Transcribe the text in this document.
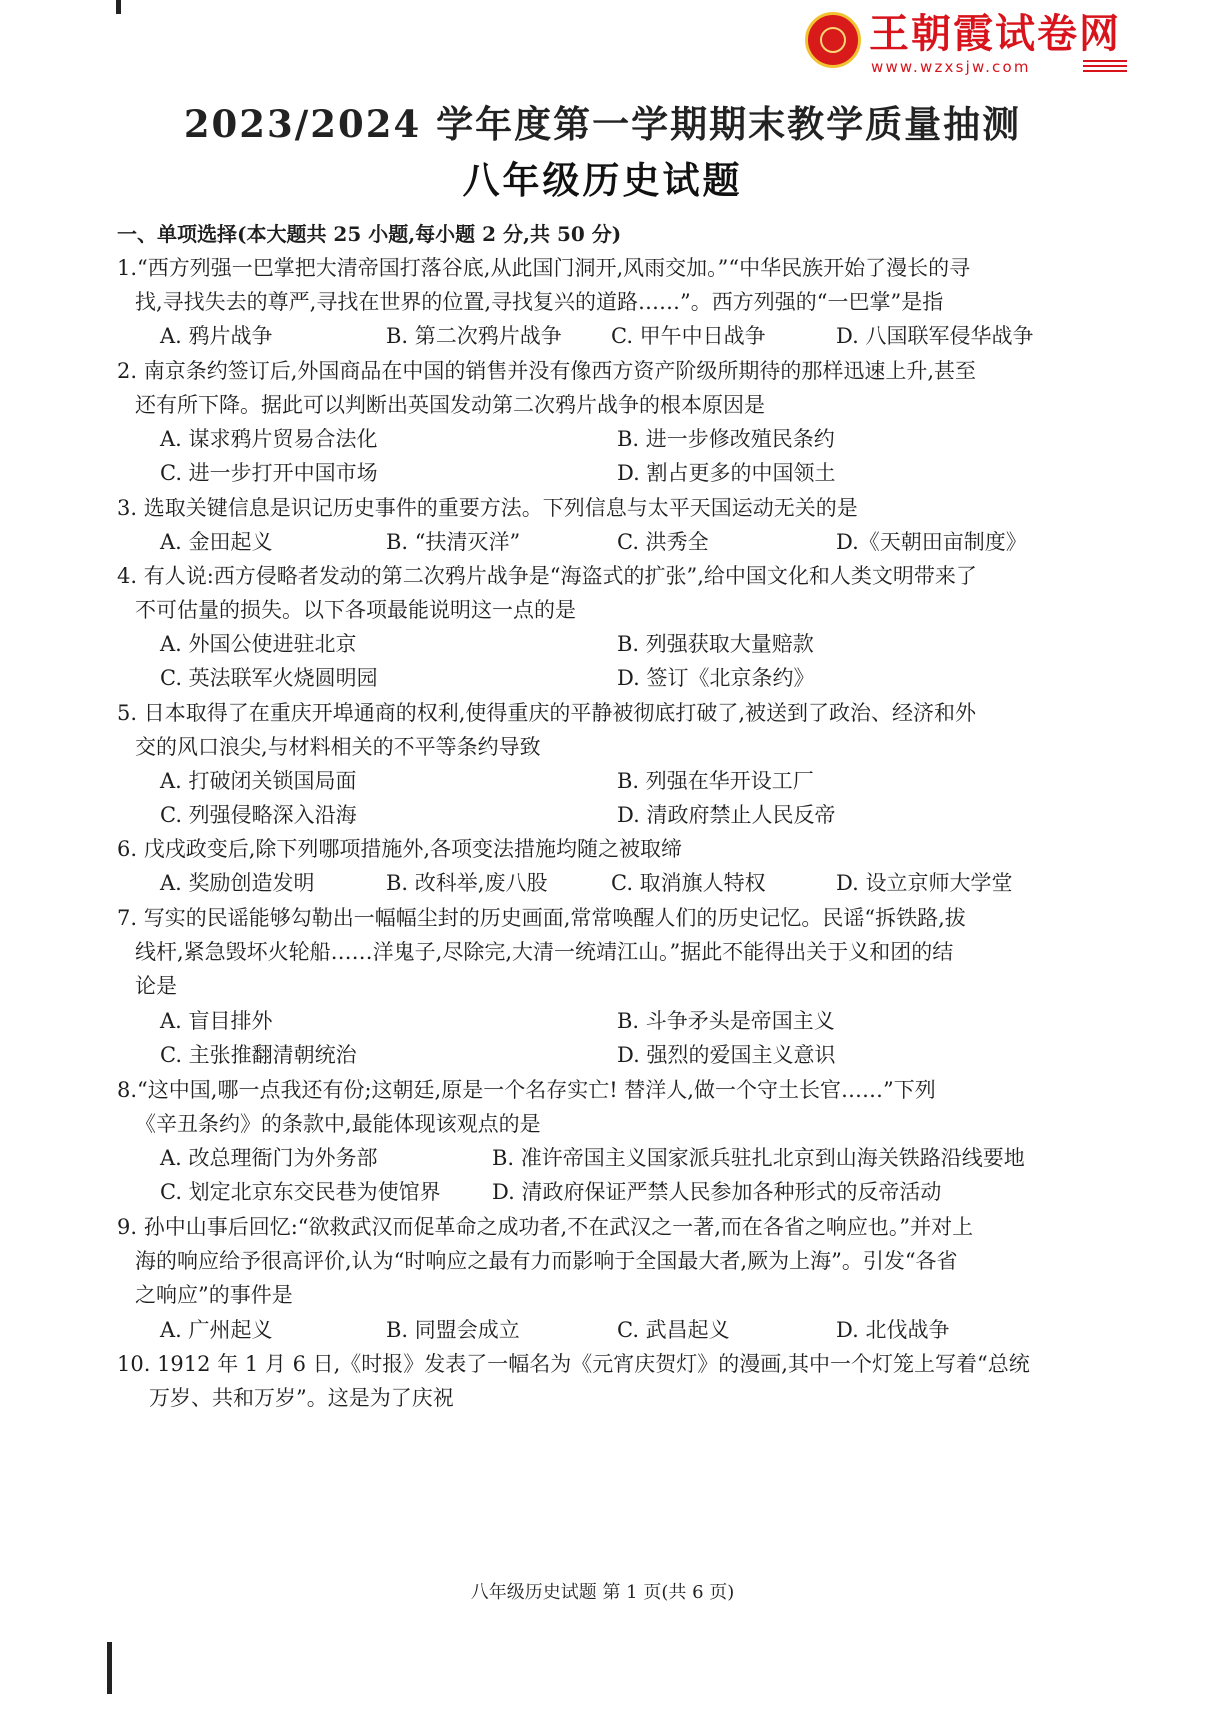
王朝霞试卷网
www.wzxsjw.com
2023/2024 学年度第一学期期末教学质量抽测
八年级历史试题
一、单项选择(本大题共 25 小题,每小题 2 分,共 50 分)
1.“西方列强一巴掌把大清帝国打落谷底,从此国门洞开,风雨交加。”“中华民族开始了漫长的寻
找,寻找失去的尊严,寻找在世界的位置,寻找复兴的道路……”。西方列强的“一巴掌”是指
A. 鸦片战争	B. 第二次鸦片战争 C. 甲午中日战争	D. 八国联军侵华战争
2. 南京条约签订后,外国商品在中国的销售并没有像西方资产阶级所期待的那样迅速上升,甚至
还有所下降。据此可以判断出英国发动第二次鸦片战争的根本原因是
A. 谋求鸦片贸易合法化	B. 进一步修改殖民条约
C. 进一步打开中国市场	D. 割占更多的中国领土
3. 选取关键信息是识记历史事件的重要方法。下列信息与太平天国运动无关的是
A. 金田起义	B. “扶清灭洋”	C. 洪秀全	D.《天朝田亩制度》
4. 有人说:西方侵略者发动的第二次鸦片战争是“海盗式的扩张”,给中国文化和人类文明带来了
不可估量的损失。以下各项最能说明这一点的是
A. 外国公使进驻北京	B. 列强获取大量赔款
C. 英法联军火烧圆明园	D. 签订《北京条约》
5. 日本取得了在重庆开埠通商的权利,使得重庆的平静被彻底打破了,被送到了政治、经济和外
交的风口浪尖,与材料相关的不平等条约导致
A. 打破闭关锁国局面	B. 列强在华开设工厂
C. 列强侵略深入沿海	D. 清政府禁止人民反帝
6. 戊戌政变后,除下列哪项措施外,各项变法措施均随之被取缔
A. 奖励创造发明	B. 改科举,废八股	C. 取消旗人特权	D. 设立京师大学堂
7. 写实的民谣能够勾勒出一幅幅尘封的历史画面,常常唤醒人们的历史记忆。民谣“拆铁路,拔
线杆,紧急毁坏火轮船……洋鬼子,尽除完,大清一统靖江山。”据此不能得出关于义和团的结
论是
A. 盲目排外	B. 斗争矛头是帝国主义
C. 主张推翻清朝统治	D. 强烈的爱国主义意识
8.“这中国,哪一点我还有份;这朝廷,原是一个名存实亡! 替洋人,做一个守土长官……”下列
《辛丑条约》的条款中,最能体现该观点的是
A. 改总理衙门为外务部	B. 准许帝国主义国家派兵驻扎北京到山海关铁路沿线要地
C. 划定北京东交民巷为使馆界 D. 清政府保证严禁人民参加各种形式的反帝活动
9. 孙中山事后回忆:“欲救武汉而促革命之成功者,不在武汉之一著,而在各省之响应也。”并对上
海的响应给予很高评价,认为“时响应之最有力而影响于全国最大者,厥为上海”。引发“各省
之响应”的事件是
A. 广州起义	B. 同盟会成立	C. 武昌起义	D. 北伐战争
10. 1912 年 1 月 6 日,《时报》发表了一幅名为《元宵庆贺灯》的漫画,其中一个灯笼上写着“总统
万岁、共和万岁”。这是为了庆祝
八年级历史试题 第 1 页(共 6 页)
